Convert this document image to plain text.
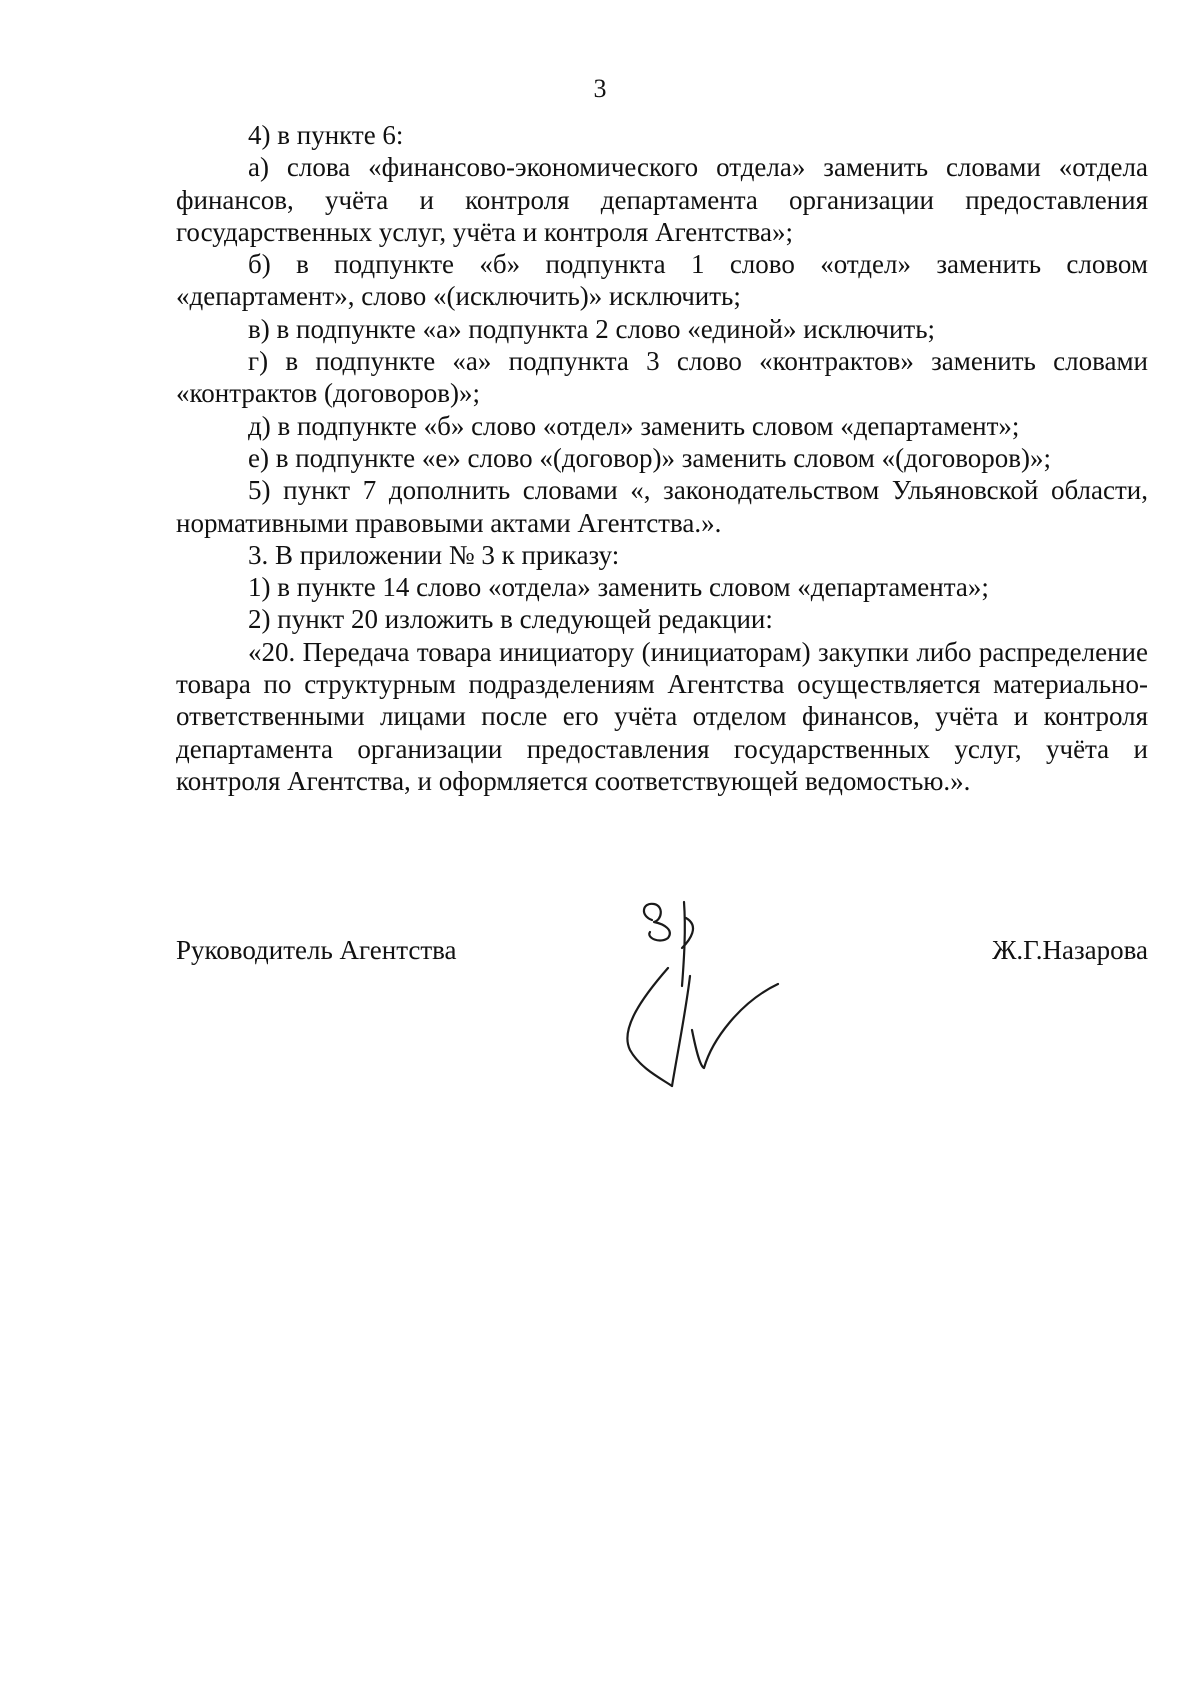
3

4) в пункте 6:

а) слова «финансово-экономического отдела» заменить словами «отдела финансов, учёта и контроля департамента организации предоставления государственных услуг, учёта и контроля Агентства»;

б) в подпункте «б» подпункта 1 слово «отдел» заменить словом «департамент», слово «(исключить)» исключить;

в) в подпункте «а» подпункта 2 слово «единой» исключить;

г) в подпункте «а» подпункта 3 слово «контрактов» заменить словами «контрактов (договоров)»;

д) в подпункте «б» слово «отдел» заменить словом «департамент»;

е) в подпункте «е» слово «(договор)» заменить словом «(договоров)»;

5) пункт 7 дополнить словами «, законодательством Ульяновской области, нормативными правовыми актами Агентства.».

3. В приложении № 3 к приказу:

1) в пункте 14 слово «отдела» заменить словом «департамента»;

2) пункт 20 изложить в следующей редакции:

«20. Передача товара инициатору (инициаторам) закупки либо распределение товара по структурным подразделениям Агентства осуществляется материально-ответственными лицами после его учёта отделом финансов, учёта и контроля департамента организации предоставления государственных услуг, учёта и контроля Агентства, и оформляется соответствующей ведомостью.».

Руководитель Агентства	Ж.Г.Назарова
